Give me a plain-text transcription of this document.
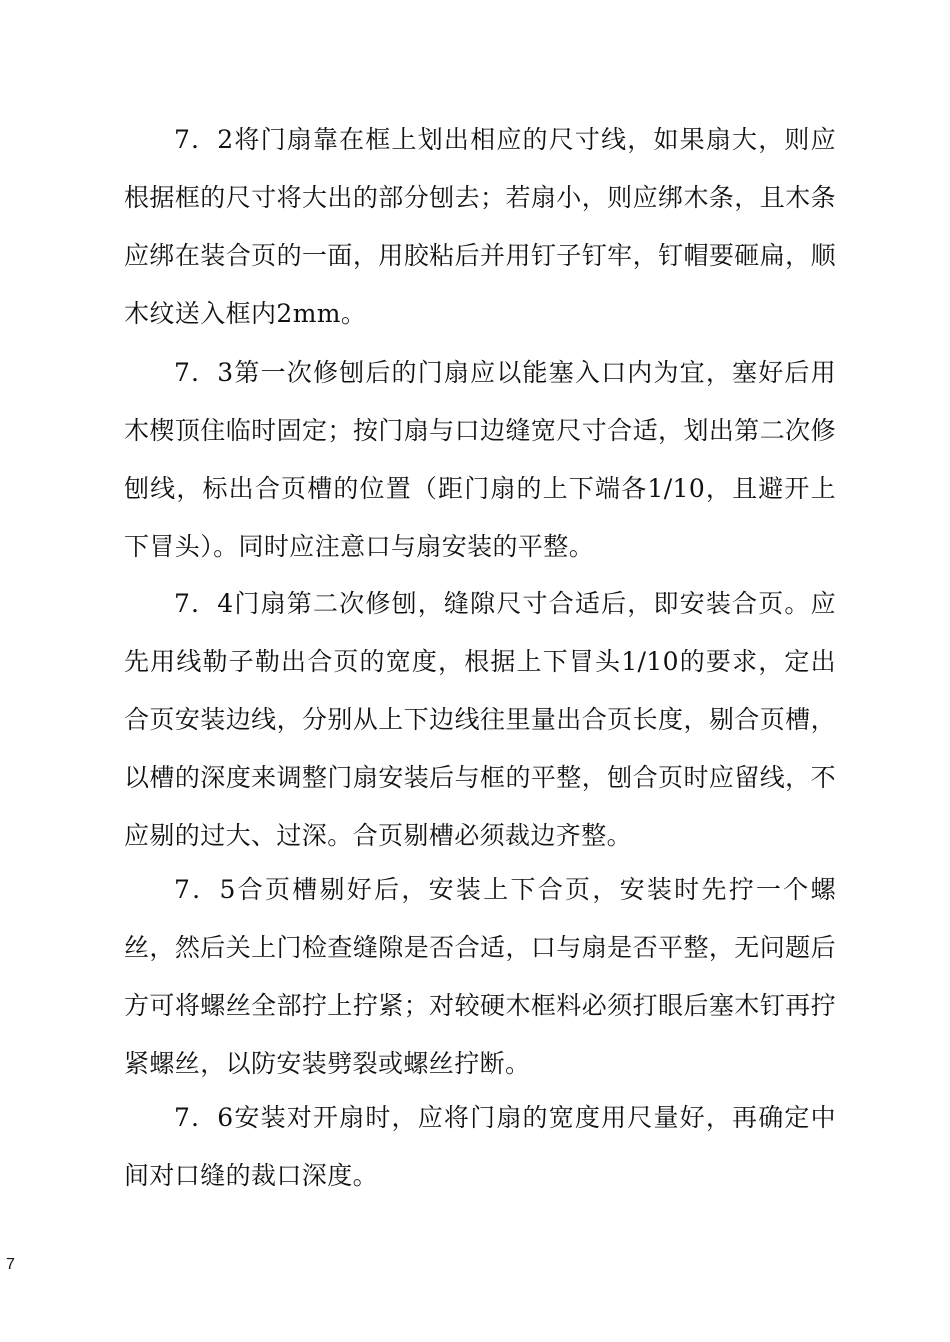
7．2将门扇靠在框上划出相应的尺寸线，如果扇大，则应根据框的尺寸将大出的部分刨去；若扇小，则应绑木条，且木条应绑在装合页的一面，用胶粘后并用钉子钉牢，钉帽要砸扁，顺木纹送入框内2mm。

7．3第一次修刨后的门扇应以能塞入口内为宜，塞好后用木楔顶住临时固定；按门扇与口边缝宽尺寸合适，划出第二次修刨线，标出合页槽的位置（距门扇的上下端各1/10，且避开上下冒头）。同时应注意口与扇安装的平整。

7．4门扇第二次修刨，缝隙尺寸合适后，即安装合页。应先用线勒子勒出合页的宽度，根据上下冒头1/10的要求，定出合页安装边线，分别从上下边线往里量出合页长度，剔合页槽，以槽的深度来调整门扇安装后与框的平整，刨合页时应留线，不应剔的过大、过深。合页剔槽必须裁边齐整。

7．5合页槽剔好后，安装上下合页，安装时先拧一个螺丝，然后关上门检查缝隙是否合适，口与扇是否平整，无问题后方可将螺丝全部拧上拧紧；对较硬木框料必须打眼后塞木钉再拧紧螺丝，以防安装劈裂或螺丝拧断。

7．6安装对开扇时，应将门扇的宽度用尺量好，再确定中间对口缝的裁口深度。

7
